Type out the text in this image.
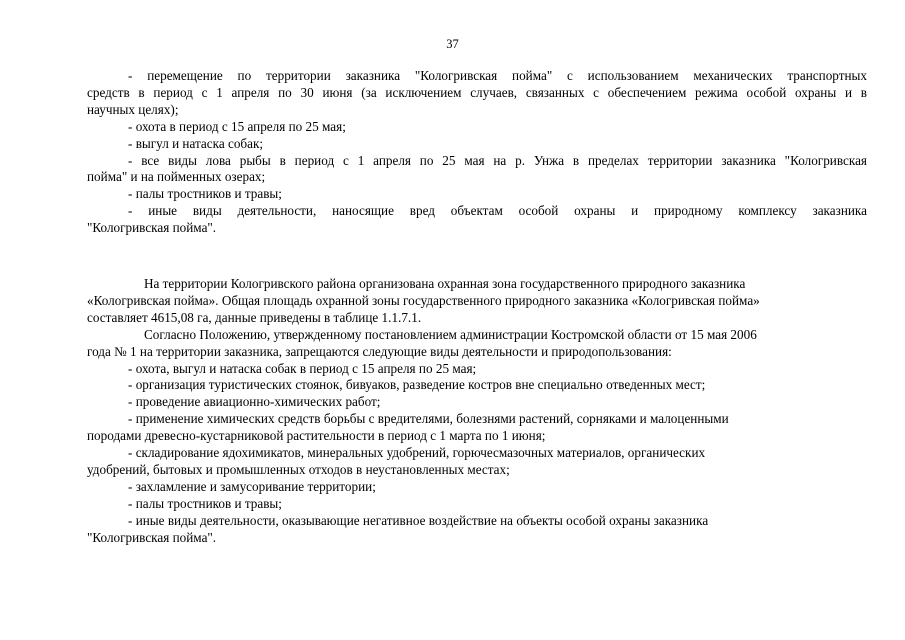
37

- перемещение по территории заказника "Кологривская пойма" с использованием механических транспортных

средств в период с 1 апреля по 30 июня (за исключением случаев, связанных с обеспечением режима особой охраны и в

научных целях);

- охота в период с 15 апреля по 25 мая;

- выгул и натаска собак;

- все виды лова рыбы в период с 1 апреля по 25 мая на р. Унжа в пределах территории заказника "Кологривская

пойма" и на пойменных озерах;

- палы тростников и травы;

- иные виды деятельности, наносящие вред объектам особой охраны и природному комплексу заказника

"Кологривская пойма".

На территории Кологривского района организована охранная зона государственного природного заказника

«Кологривская пойма». Общая площадь охранной зоны государственного природного заказника «Кологривская пойма»

составляет 4615,08 га, данные приведены в таблице 1.1.7.1.

Согласно Положению, утвержденному постановлением администрации Костромской области от 15 мая 2006

года № 1 на территории заказника, запрещаются следующие виды деятельности и природопользования:

- охота, выгул и натаска собак в период с 15 апреля по 25 мая;

- организация туристических стоянок, бивуаков, разведение костров вне специально отведенных мест;

- проведение авиационно-химических работ;

- применение химических средств борьбы с вредителями, болезнями растений, сорняками и малоценными

породами древесно-кустарниковой растительности в период с 1 марта по 1 июня;

- складирование ядохимикатов, минеральных удобрений, горючесмазочных материалов, органических

удобрений, бытовых и промышленных отходов в неустановленных местах;

- захламление и замусоривание территории;

- палы тростников и травы;

- иные виды деятельности, оказывающие негативное воздействие на объекты особой охраны заказника

"Кологривская пойма".
